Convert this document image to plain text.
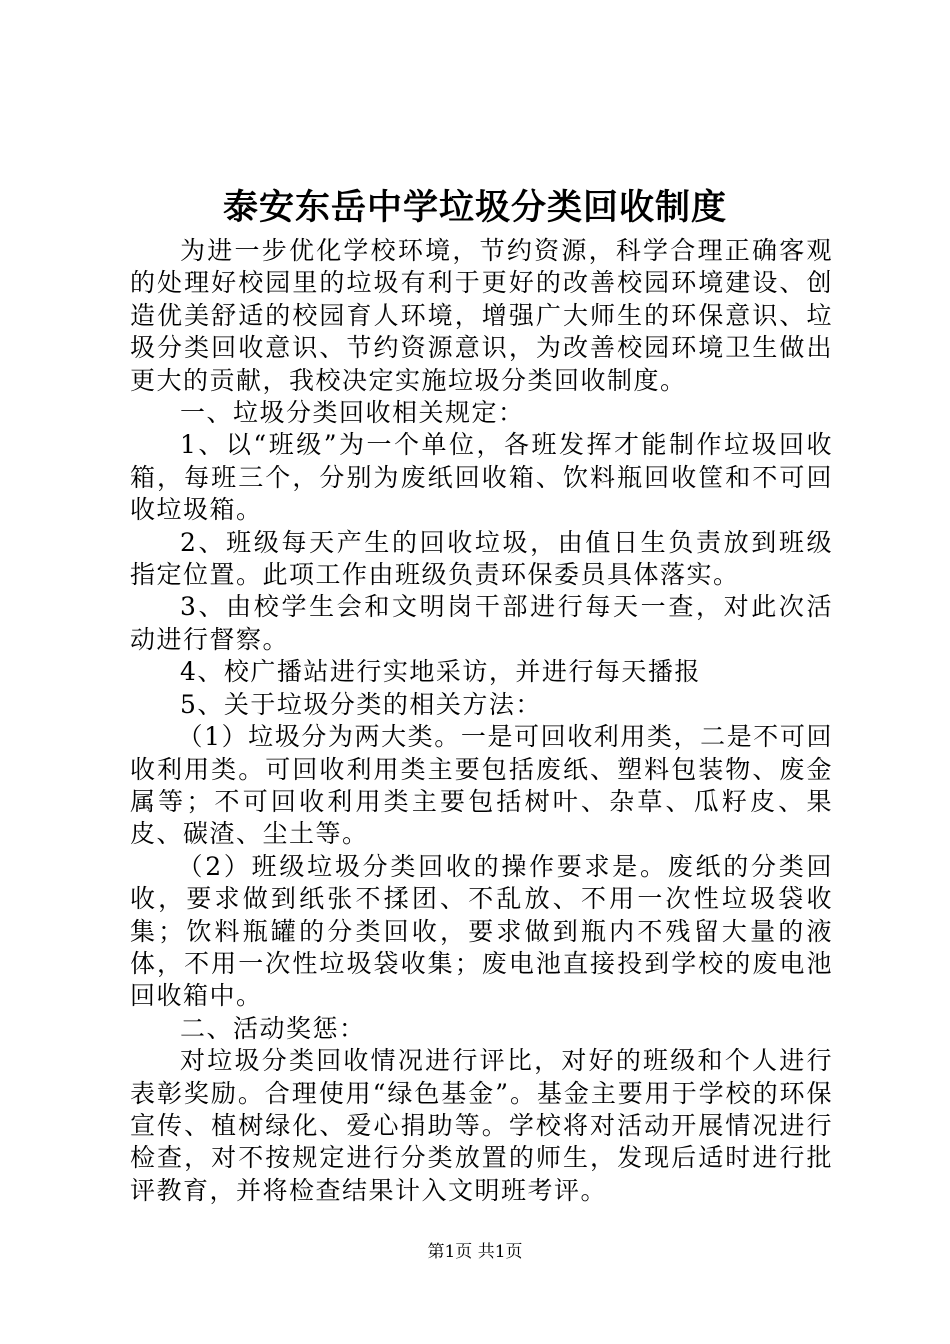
泰安东岳中学垃圾分类回收制度

为进一步优化学校环境，节约资源，科学合理正确客观的处理好校园里的垃圾有利于更好的改善校园环境建设、创造优美舒适的校园育人环境，增强广大师生的环保意识、垃圾分类回收意识、节约资源意识，为改善校园环境卫生做出更大的贡献，我校决定实施垃圾分类回收制度。

一、垃圾分类回收相关规定：

1、以“班级”为一个单位，各班发挥才能制作垃圾回收箱，每班三个，分别为废纸回收箱、饮料瓶回收筐和不可回收垃圾箱。

2、班级每天产生的回收垃圾，由值日生负责放到班级指定位置。此项工作由班级负责环保委员具体落实。

3、由校学生会和文明岗干部进行每天一查，对此次活动进行督察。

4、校广播站进行实地采访，并进行每天播报

5、关于垃圾分类的相关方法：

（1）垃圾分为两大类。一是可回收利用类，二是不可回收利用类。可回收利用类主要包括废纸、塑料包装物、废金属等；不可回收利用类主要包括树叶、杂草、瓜籽皮、果皮、碳渣、尘土等。

（2）班级垃圾分类回收的操作要求是。废纸的分类回收，要求做到纸张不揉团、不乱放、不用一次性垃圾袋收集；饮料瓶罐的分类回收，要求做到瓶内不残留大量的液体，不用一次性垃圾袋收集；废电池直接投到学校的废电池回收箱中。

二、活动奖惩：

对垃圾分类回收情况进行评比，对好的班级和个人进行表彰奖励。合理使用“绿色基金”。基金主要用于学校的环保宣传、植树绿化、爱心捐助等。学校将对活动开展情况进行检查，对不按规定进行分类放置的师生，发现后适时进行批评教育，并将检查结果计入文明班考评。

第1页 共1页
